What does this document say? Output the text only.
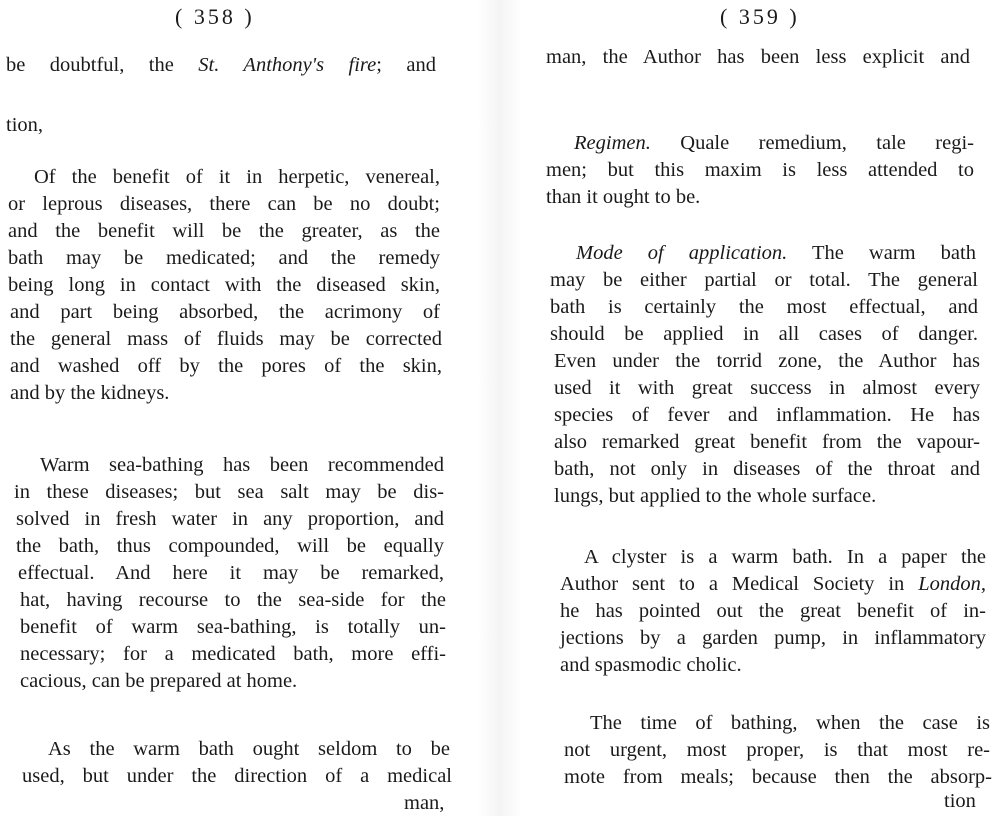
( 358 )
be doubtful, the St. Anthony's fire; and
tion,
Of the benefit of it in herpetic, venereal,
or leprous diseases, there can be no doubt;
and the benefit will be the greater, as the
bath may be medicated; and the remedy
being long in contact with the diseased skin,
and part being absorbed, the acrimony of
the general mass of fluids may be corrected
and washed off by the pores of the skin,
and by the kidneys.
Warm sea-bathing has been recommended
in these diseases; but sea salt may be dis-
solved in fresh water in any proportion, and
the bath, thus compounded, will be equally
effectual. And here it may be remarked,
hat, having recourse to the sea-side for the
benefit of warm sea-bathing, is totally un-
necessary; for a medicated bath, more effi-
cacious, can be prepared at home.
As the warm bath ought seldom to be
used, but under the direction of a medical
man,
( 359 )
man, the Author has been less explicit and
Regimen. Quale remedium, tale regi-
men; but this maxim is less attended to
than it ought to be.
Mode of application. The warm bath
may be either partial or total. The general
bath is certainly the most effectual, and
should be applied in all cases of danger.
Even under the torrid zone, the Author has
used it with great success in almost every
species of fever and inflammation. He has
also remarked great benefit from the vapour-
bath, not only in diseases of the throat and
lungs, but applied to the whole surface.
A clyster is a warm bath. In a paper the
Author sent to a Medical Society in London,
he has pointed out the great benefit of in-
jections by a garden pump, in inflammatory
and spasmodic cholic.
The time of bathing, when the case is
not urgent, most proper, is that most re-
mote from meals; because then the absorp-
tion
